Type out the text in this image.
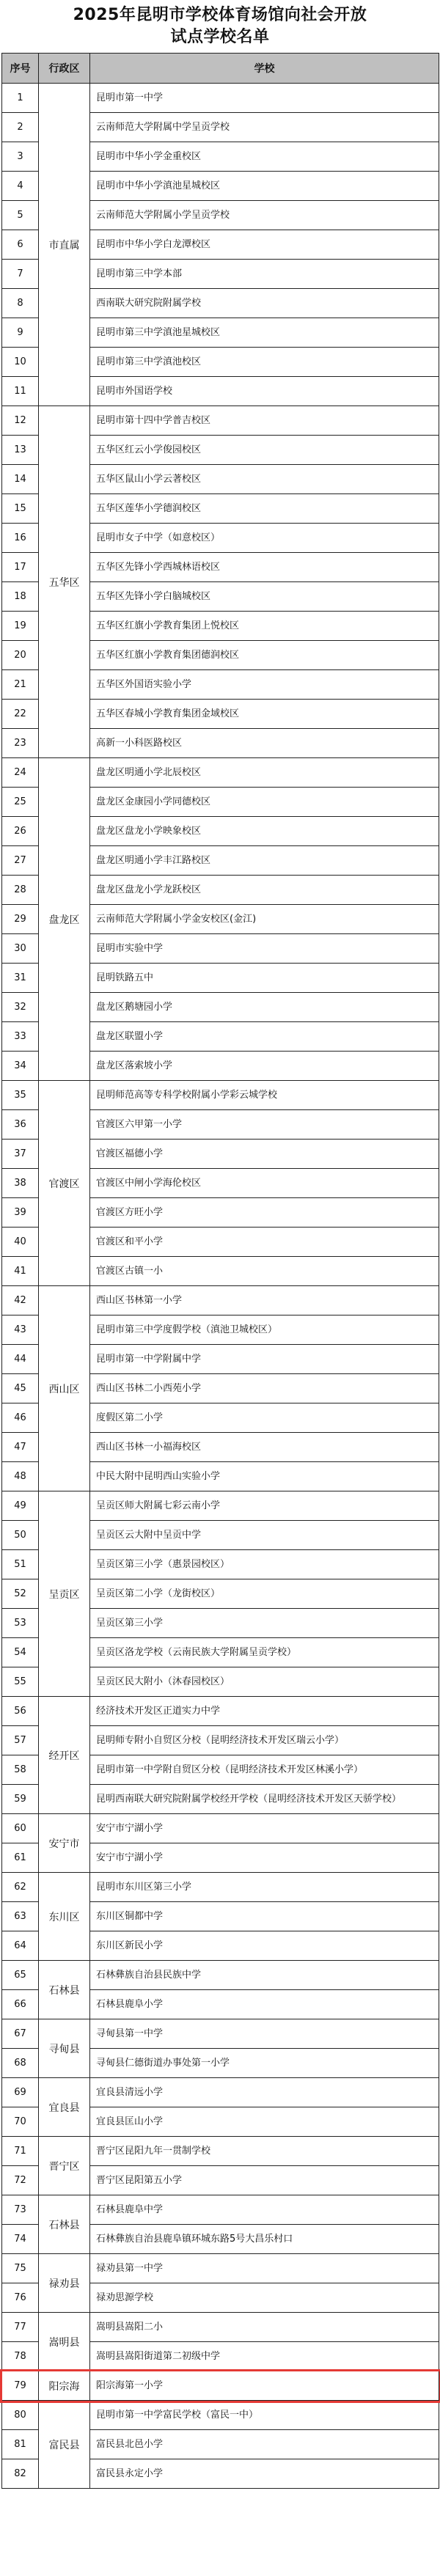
2025年昆明市学校体育场馆向社会开放
试点学校名单
序号	行政区	学校
1	市直属	昆明市第一中学

2		云南师范大学附属中学呈贡学校

3		昆明市中华小学金重校区

4		昆明市中华小学滇池星城校区

5		云南师范大学附属小学呈贡学校

6		昆明市中华小学白龙潭校区

7		昆明市第三中学本部

8		西南联大研究院附属学校

9		昆明市第三中学滇池星城校区

10		昆明市第三中学滇池校区

11		昆明市外国语学校

12	五华区	昆明市第十四中学普吉校区

13		五华区红云小学俊园校区

14		五华区鼠山小学云著校区

15		五华区莲华小学德润校区

16		昆明市女子中学（如意校区）

17		五华区先锋小学西城林语校区

18		五华区先锋小学白脑城校区

19		五华区红旗小学教育集团上悦校区

20		五华区红旗小学教育集团德润校区

21		五华区外国语实验小学

22		五华区春城小学教育集团金域校区

23		高新一小科医路校区

24	盘龙区	盘龙区明通小学北辰校区

25		盘龙区金康园小学同德校区

26		盘龙区盘龙小学映象校区

27		盘龙区明通小学丰江路校区

28		盘龙区盘龙小学龙跃校区

29		云南师范大学附属小学金安校区(金江)

30		昆明市实验中学

31		昆明铁路五中

32		盘龙区鹅塘园小学

33		盘龙区联盟小学

34		盘龙区落索坡小学

35	官渡区	昆明师范高等专科学校附属小学彩云城学校

36		官渡区六甲第一小学

37		官渡区福德小学

38		官渡区中闸小学海伦校区

39		官渡区方旺小学

40		官渡区和平小学

41		官渡区古镇一小

42	西山区	西山区书林第一小学

43		昆明市第三中学度假学校（滇池卫城校区）

44		昆明市第一中学附属中学

45		西山区书林二小西苑小学

46		度假区第二小学

47		西山区书林一小福海校区

48		中民大附中昆明西山实验小学

49	呈贡区	呈贡区师大附属七彩云南小学

50		呈贡区云大附中呈贡中学

51		呈贡区第三小学（惠景园校区）

52		呈贡区第二小学（龙街校区）

53		呈贡区第三小学

54		呈贡区洛龙学校（云南民族大学附属呈贡学校）

55		呈贡区民大附小（沐春园校区）

56	经开区	经济技术开发区正道实力中学

57		昆明师专附小自贸区分校（昆明经济技术开发区瑞云小学）

58		昆明市第一中学附自贸区分校（昆明经济技术开发区林溪小学）

59		昆明西南联大研究院附属学校经开学校（昆明经济技术开发区天骄学校）

60	安宁市	安宁市宁湖小学

61		安宁市宁湖小学

62	东川区	昆明市东川区第三小学

63		东川区铜都中学

64		东川区新民小学

65	石林县	石林彝族自治县民族中学

66		石林县鹿阜小学

67	寻甸县	寻甸县第一中学

68		寻甸县仁德街道办事处第一小学

69	宜良县	宜良县清远小学

70		宜良县匡山小学

71	晋宁区	晋宁区昆阳九年一贯制学校

72		晋宁区昆阳第五小学

73	石林县	石林县鹿阜中学

74		石林彝族自治县鹿阜镇环城东路5号大昌乐村口

75	禄劝县	禄劝县第一中学

76		禄劝思源学校

77	嵩明县	嵩明县嵩阳二小

78		嵩明县嵩阳街道第二初级中学

79	阳宗海	阳宗海第一小学

80	富民县	昆明市第一中学富民学校（富民一中）

81		富民县北邑小学

82		富民县永定小学
